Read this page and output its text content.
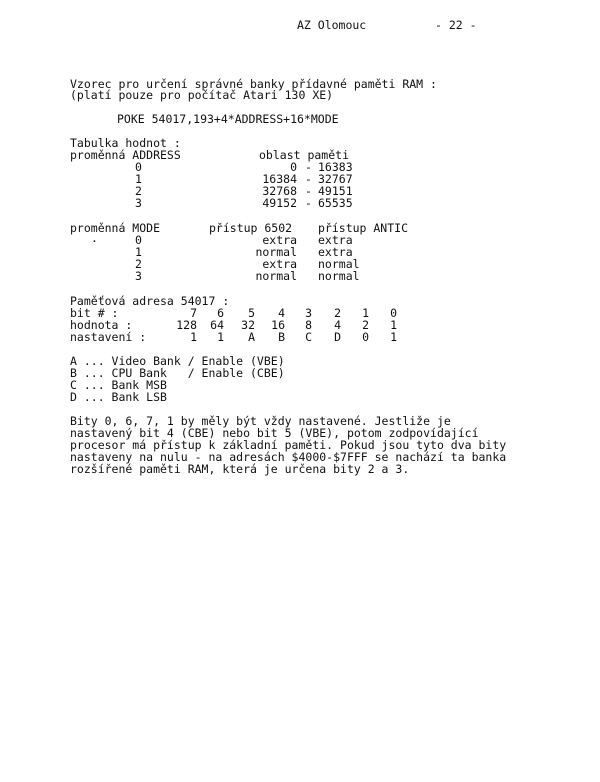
AZ Olomouc	- 22 -
Vzorec pro určení správné banky přídavné paměti RAM :
(platí pouze pro počítač Atari 130 XE)
POKE 54017,193+4*ADDRESS+16*MODE
Tabulka hodnot :
proměnná ADDRESS	oblast paměti
0	0 - 16383
1	16384 - 32767
2	32768 - 49151
3	49152 - 65535
proměnná MODE	přístup 6502 přístup ANTIC
.	0	extra extra
1	normal extra
2	extra normal
3	normal normal
Paměťová adresa 54017 :
bit # :	7	6	5	4	3	2	1	0
hodnota :	128	64	32	16	8	4	2	1
nastavení :	1	1	A	B	C	D	0	1
A ... Video Bank / Enable (VBE)
B ... CPU Bank   / Enable (CBE)
C ... Bank MSB
D ... Bank LSB
Bity 0, 6, 7, 1 by měly být vždy nastavené. Jestliže je
nastavený bit 4 (CBE) nebo bit 5 (VBE), potom zodpovídající
procesor má přístup k základní paměti. Pokud jsou tyto dva bity
nastaveny na nulu - na adresách $4000-$7FFF se nachází ta banka
rozšířené paměti RAM, která je určena bity 2 a 3.
